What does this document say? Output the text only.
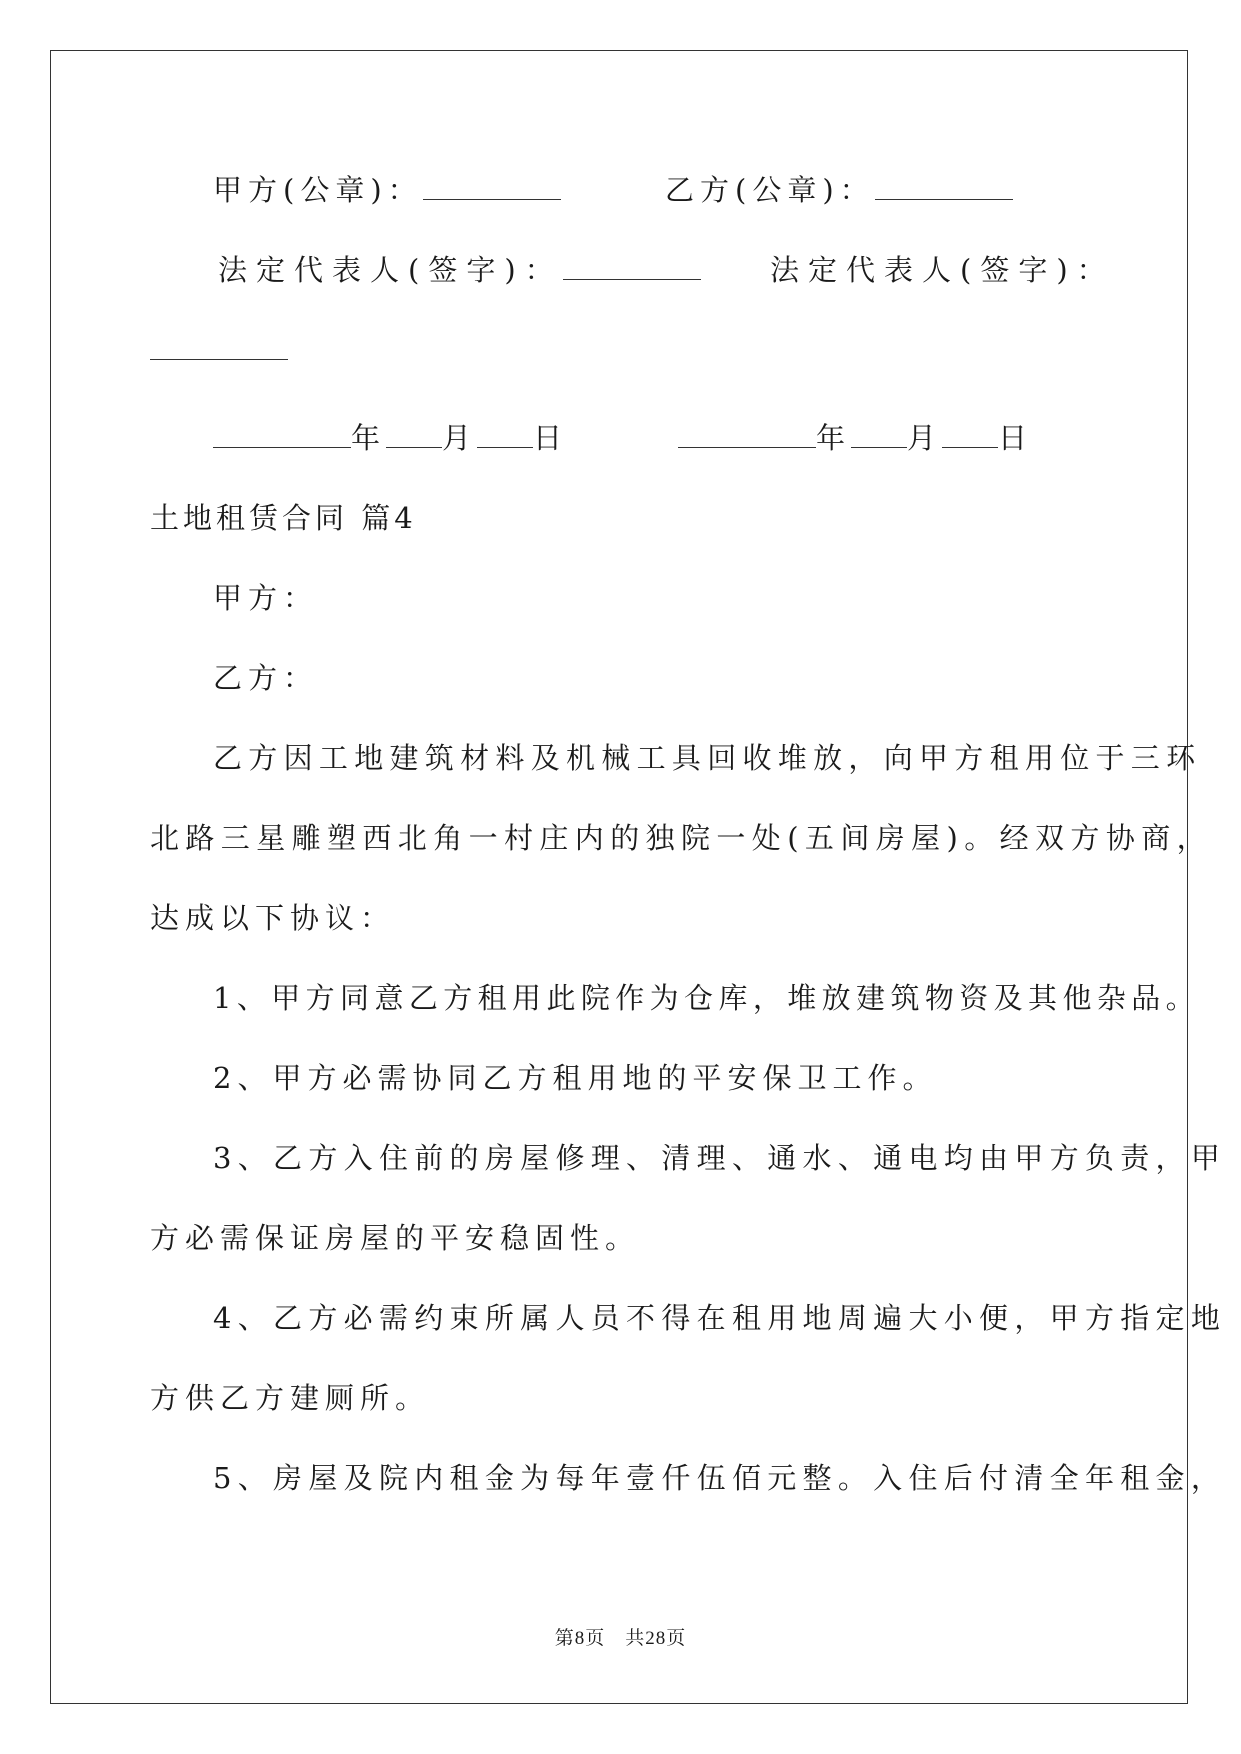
甲方(公章)：	乙方(公章)：
法定代表人(签字)：	法定代表人(签字)：
年 月 日	年 月 日
土地租赁合同 篇4
甲方：
乙方：
乙方因工地建筑材料及机械工具回收堆放，向甲方租用位于三环
北路三星雕塑西北角一村庄内的独院一处(五间房屋)。经双方协商，
达成以下协议：
1、甲方同意乙方租用此院作为仓库，堆放建筑物资及其他杂品。
2、甲方必需协同乙方租用地的平安保卫工作。
3、乙方入住前的房屋修理、清理、通水、通电均由甲方负责，甲
方必需保证房屋的平安稳固性。
4、乙方必需约束所属人员不得在租用地周遍大小便，甲方指定地
方供乙方建厕所。
5、房屋及院内租金为每年壹仟伍佰元整。入住后付清全年租金，
第8页　共28页
